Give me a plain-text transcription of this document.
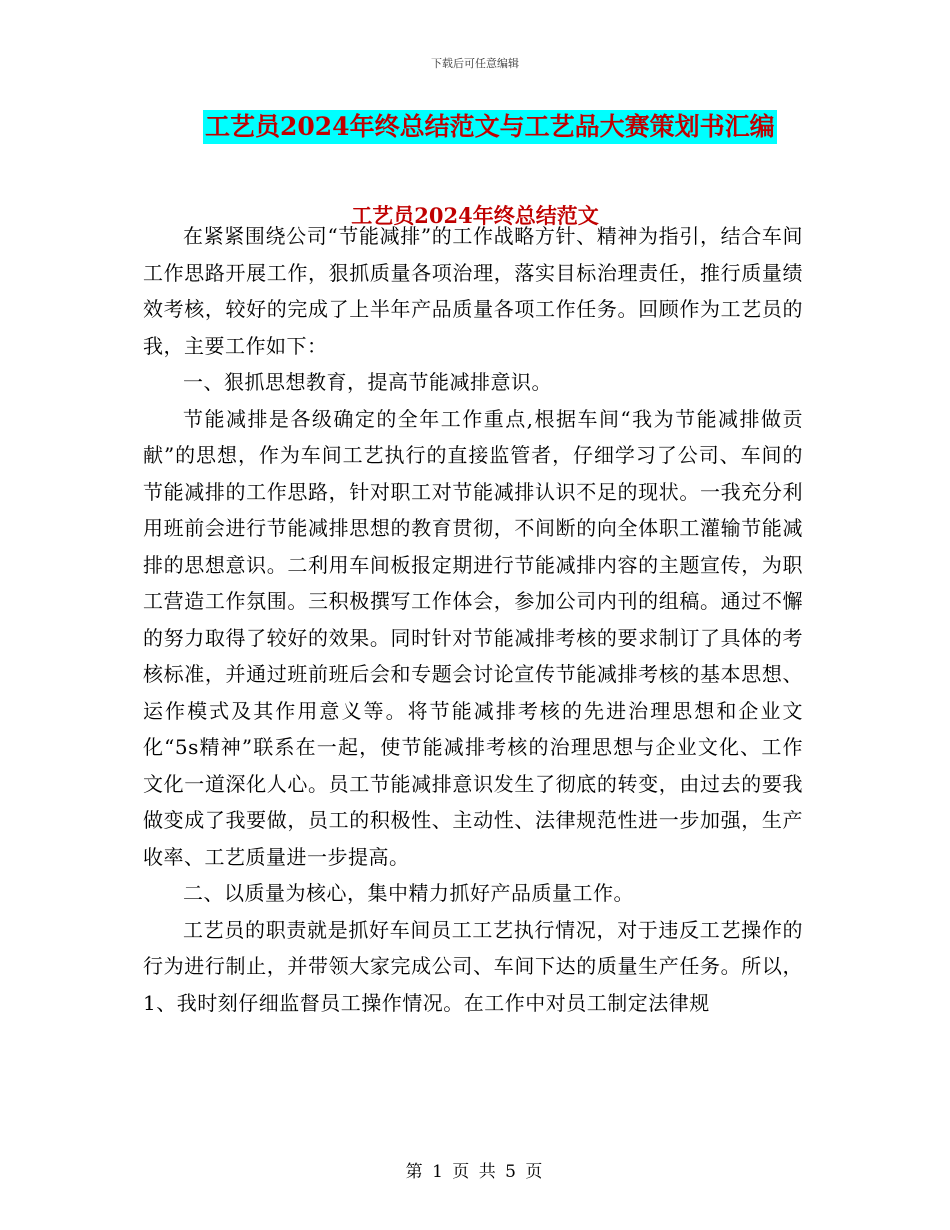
下载后可任意编辑
工艺员2024年终总结范文与工艺品大赛策划书汇编
工艺员2024年终总结范文

在紧紧围绕公司“节能减排”的工作战略方针、精神为指引，结合车间工作思路开展工作，狠抓质量各项治理，落实目标治理责任，推行质量绩效考核，较好的完成了上半年产品质量各项工作任务。回顾作为工艺员的我，主要工作如下：

一、狠抓思想教育，提高节能减排意识。

节能减排是各级确定的全年工作重点,根据车间“我为节能减排做贡献”的思想，作为车间工艺执行的直接监管者，仔细学习了公司、车间的节能减排的工作思路，针对职工对节能减排认识不足的现状。一我充分利用班前会进行节能减排思想的教育贯彻，不间断的向全体职工灌输节能减排的思想意识。二利用车间板报定期进行节能减排内容的主题宣传，为职工营造工作氛围。三积极撰写工作体会，参加公司内刊的组稿。通过不懈的努力取得了较好的效果。同时针对节能减排考核的要求制订了具体的考核标准，并通过班前班后会和专题会讨论宣传节能减排考核的基本思想、运作模式及其作用意义等。将节能减排考核的先进治理思想和企业文化“5s精神”联系在一起，使节能减排考核的治理思想与企业文化、工作文化一道深化人心。员工节能减排意识发生了彻底的转变，由过去的要我做变成了我要做，员工的积极性、主动性、法律规范性进一步加强，生产收率、工艺质量进一步提高。

二、以质量为核心，集中精力抓好产品质量工作。

工艺员的职责就是抓好车间员工工艺执行情况，对于违反工艺操作的行为进行制止，并带领大家完成公司、车间下达的质量生产任务。所以，1、我时刻仔细监督员工操作情况。在工作中对员工制定法律规

第 1 页 共 5 页
